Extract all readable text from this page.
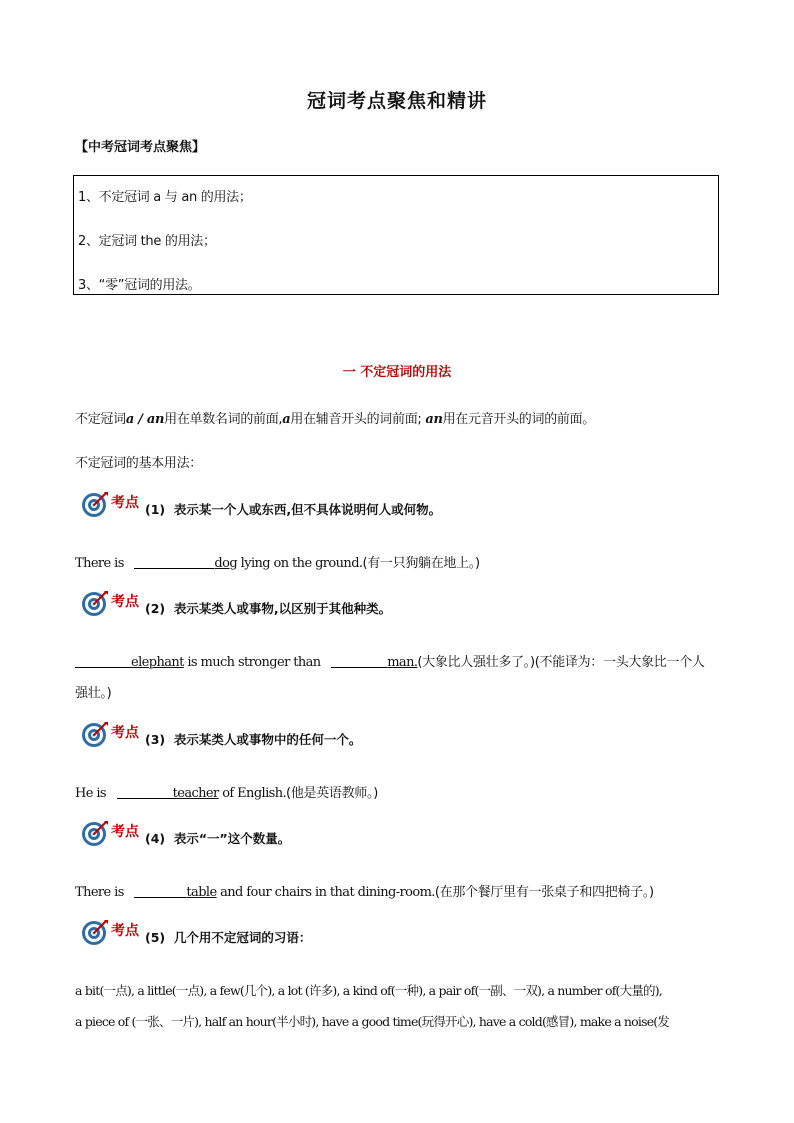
冠词考点聚焦和精讲
【中考冠词考点聚焦】
1、不定冠词 a 与 an 的用法；
2、定冠词 the 的用法；
3、“零”冠词的用法。
一 不定冠词的用法
不定冠词a / an用在单数名词的前面,a用在辅音开头的词前面; an用在元音开头的词的前面。
不定冠词的基本用法：
考点 (1) 表示某一个人或东西,但不具体说明何人或何物。
There is	dog lying on the ground.(有一只狗躺在地上。)
考点 (2) 表示某类人或事物,以区别于其他种类。
elephant is much stronger than	man.(大象比人强壮多了。)(不能译为：一头大象比一个人
强壮。)
考点 (3) 表示某类人或事物中的任何一个。
He is	teacher of English.(他是英语教师。)
考点 (4) 表示“一”这个数量。
There is	table and four chairs in that dining-room.(在那个餐厅里有一张桌子和四把椅子。)
考点 (5) 几个用不定冠词的习语：
a bit(一点), a little(一点), a few(几个), a lot (许多), a kind of(一种), a pair of(一副、一双), a number of(大量的),
a piece of (一张、一片), half an hour(半小时), have a good time(玩得开心), have a cold(感冒), make a noise(发
